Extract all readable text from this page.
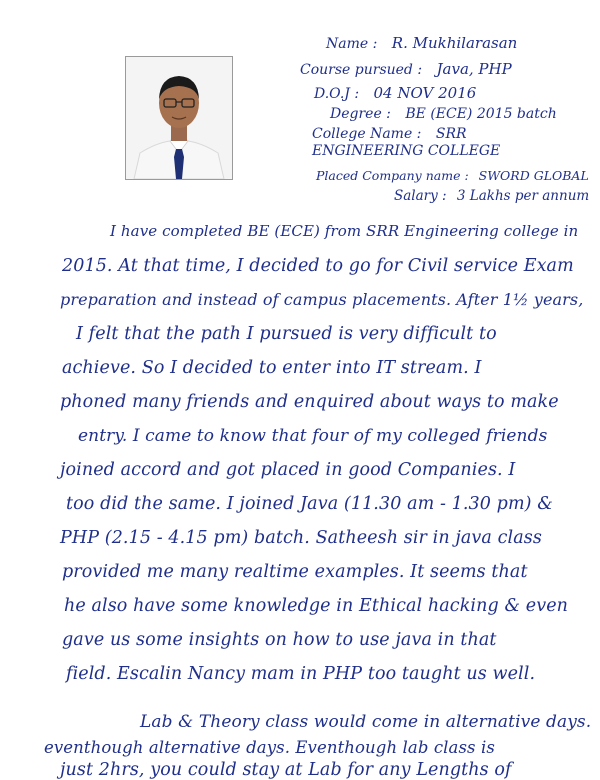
Name : R. Mukhilarasan
Course pursued : Java, PHP
D.O.J : 04 NOV 2016
Degree : BE (ECE) 2015 batch
College Name : SRR ENGINEERING COLLEGE
Placed Company name : SWORD GLOBAL
Salary : 3 Lakhs per annum
I have completed BE (ECE) from SRR Engineering college in
2015. At that time, I decided to go for Civil service Exam
preparation and instead of campus placements. After 1½ years,
I felt that the path I pursued is very difficult to
achieve. So I decided to enter into IT stream. I
phoned many friends and enquired about ways to make
entry. I came to know that four of my colleged friends
joined accord and got placed in good Companies. I
too did the same. I joined Java (11.30 am - 1.30 pm) &
PHP (2.15 - 4.15 pm) batch. Satheesh sir in java class
provided me many realtime examples. It seems that
he also have some knowledge in Ethical hacking & even
gave us some insights on how to use java in that
field. Escalin Nancy mam in PHP too taught us well.
Lab & Theory class would come in alternative days.
eventhough alternative days. Eventhough lab class is
just 2hrs, you could stay at Lab for any Lengths of
